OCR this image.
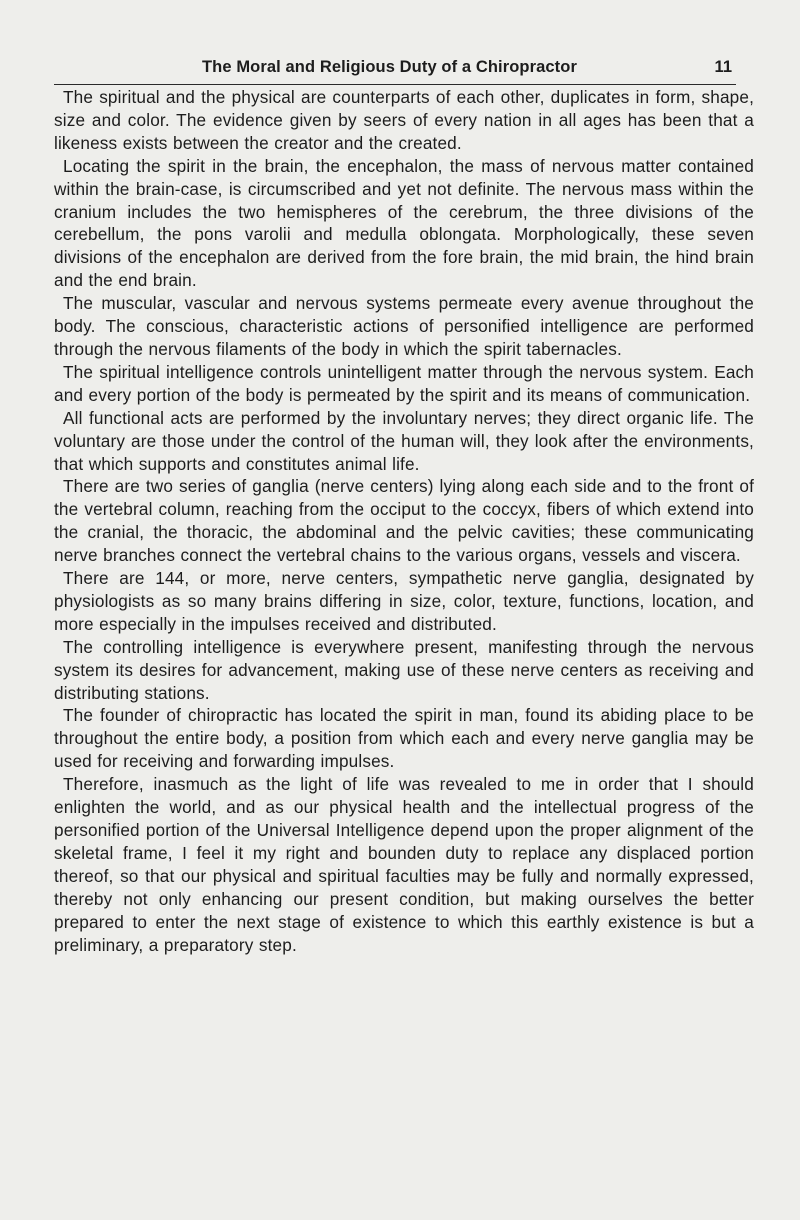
The Moral and Religious Duty of a Chiropractor	11

The spiritual and the physical are counterparts of each other, duplicates in form, shape, size and color. The evidence given by seers of every nation in all ages has been that a likeness exists between the creator and the created.

Locating the spirit in the brain, the encephalon, the mass of nervous matter contained within the brain-case, is circumscribed and yet not definite. The nervous mass within the cranium includes the two hemispheres of the cerebrum, the three divisions of the cerebellum, the pons varolii and medulla oblongata. Morphologically, these seven divisions of the encephalon are derived from the fore brain, the mid brain, the hind brain and the end brain.

The muscular, vascular and nervous systems permeate every avenue throughout the body. The conscious, characteristic actions of personified intelligence are performed through the nervous filaments of the body in which the spirit tabernacles.

The spiritual intelligence controls unintelligent matter through the nervous system. Each and every portion of the body is permeated by the spirit and its means of communication.

All functional acts are performed by the involuntary nerves; they direct organic life. The voluntary are those under the control of the human will, they look after the environments, that which supports and constitutes animal life.

There are two series of ganglia (nerve centers) lying along each side and to the front of the vertebral column, reaching from the occiput to the coccyx, fibers of which extend into the cranial, the thoracic, the abdominal and the pelvic cavities; these communicating nerve branches connect the vertebral chains to the various organs, vessels and viscera.

There are 144, or more, nerve centers, sympathetic nerve ganglia, designated by physiologists as so many brains differing in size, color, texture, functions, location, and more especially in the impulses received and distributed.

The controlling intelligence is everywhere present, manifesting through the nervous system its desires for advancement, making use of these nerve centers as receiving and distributing stations.

The founder of chiropractic has located the spirit in man, found its abiding place to be throughout the entire body, a position from which each and every nerve ganglia may be used for receiving and forwarding impulses.

Therefore, inasmuch as the light of life was revealed to me in order that I should enlighten the world, and as our physical health and the intellectual progress of the personified portion of the Universal Intelligence depend upon the proper alignment of the skeletal frame, I feel it my right and bounden duty to replace any displaced portion thereof, so that our physical and spiritual faculties may be fully and normally expressed, thereby not only enhancing our present condition, but making ourselves the better prepared to enter the next stage of existence to which this earthly existence is but a preliminary, a preparatory step.
